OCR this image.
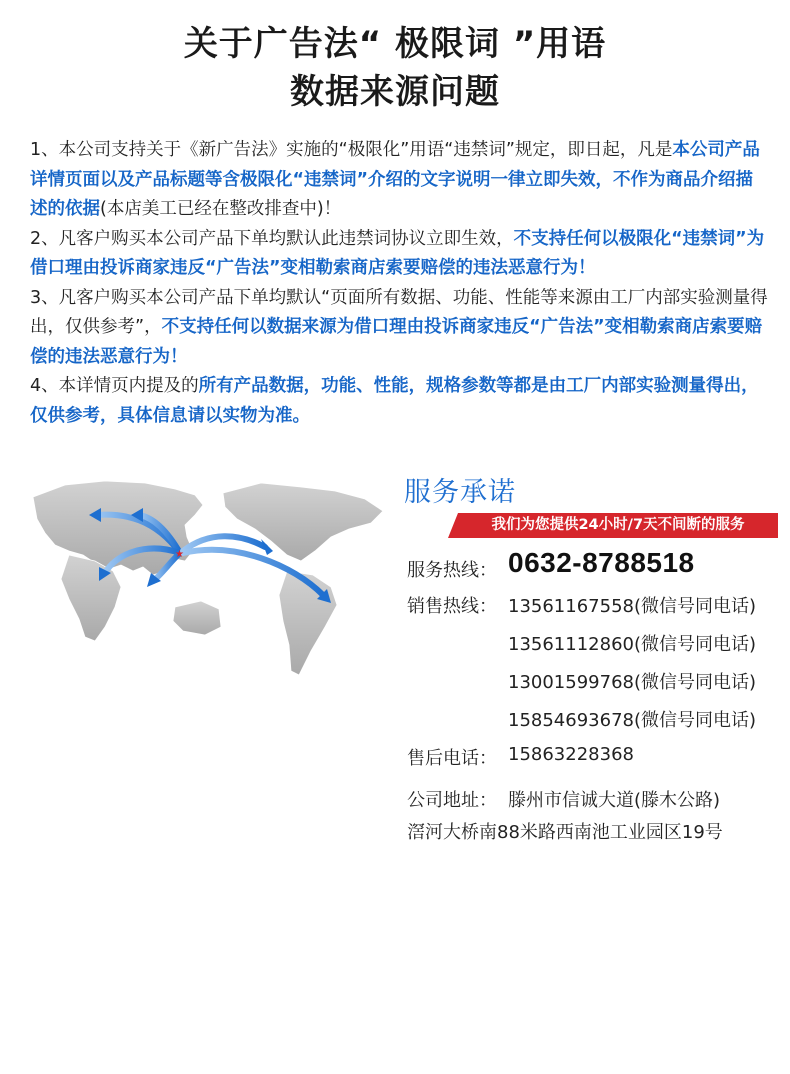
关于广告法“ 极限词 ”用语
数据来源问题

1、本公司支持关于《新广告法》实施的“极限化”用语“违禁词”规定，即日起，凡是本公司产品详情页面以及产品标题等含极限化“违禁词”介绍的文字说明一律立即失效，不作为商品介绍描述的依据(本店美工已经在整改排查中)！

2、凡客户购买本公司产品下单均默认此违禁词协议立即生效，不支持任何以极限化“违禁词”为借口理由投诉商家违反“广告法”变相勒索商店索要赔偿的违法恶意行为！

3、凡客户购买本公司产品下单均默认“页面所有数据、功能、性能等来源由工厂内部实验测量得出，仅供参考”，不支持任何以数据来源为借口理由投诉商家违反“广告法”变相勒索商店索要赔偿的违法恶意行为！

4、本详情页内提及的所有产品数据，功能、性能，规格参数等都是由工厂内部实验测量得出，仅供参考，具体信息请以实物为准。

★
服务承诺
我们为您提供24小时/7天不间断的服务
服务热线： 0632-8788518
销售热线： 13561167558(微信号同电话)
13561112860(微信号同电话)
13001599768(微信号同电话)
15854693678(微信号同电话)
售后电话： 15863228368
公司地址： 滕州市信诚大道(滕木公路)
滘河大桥南88米路西南池工业园区19号
